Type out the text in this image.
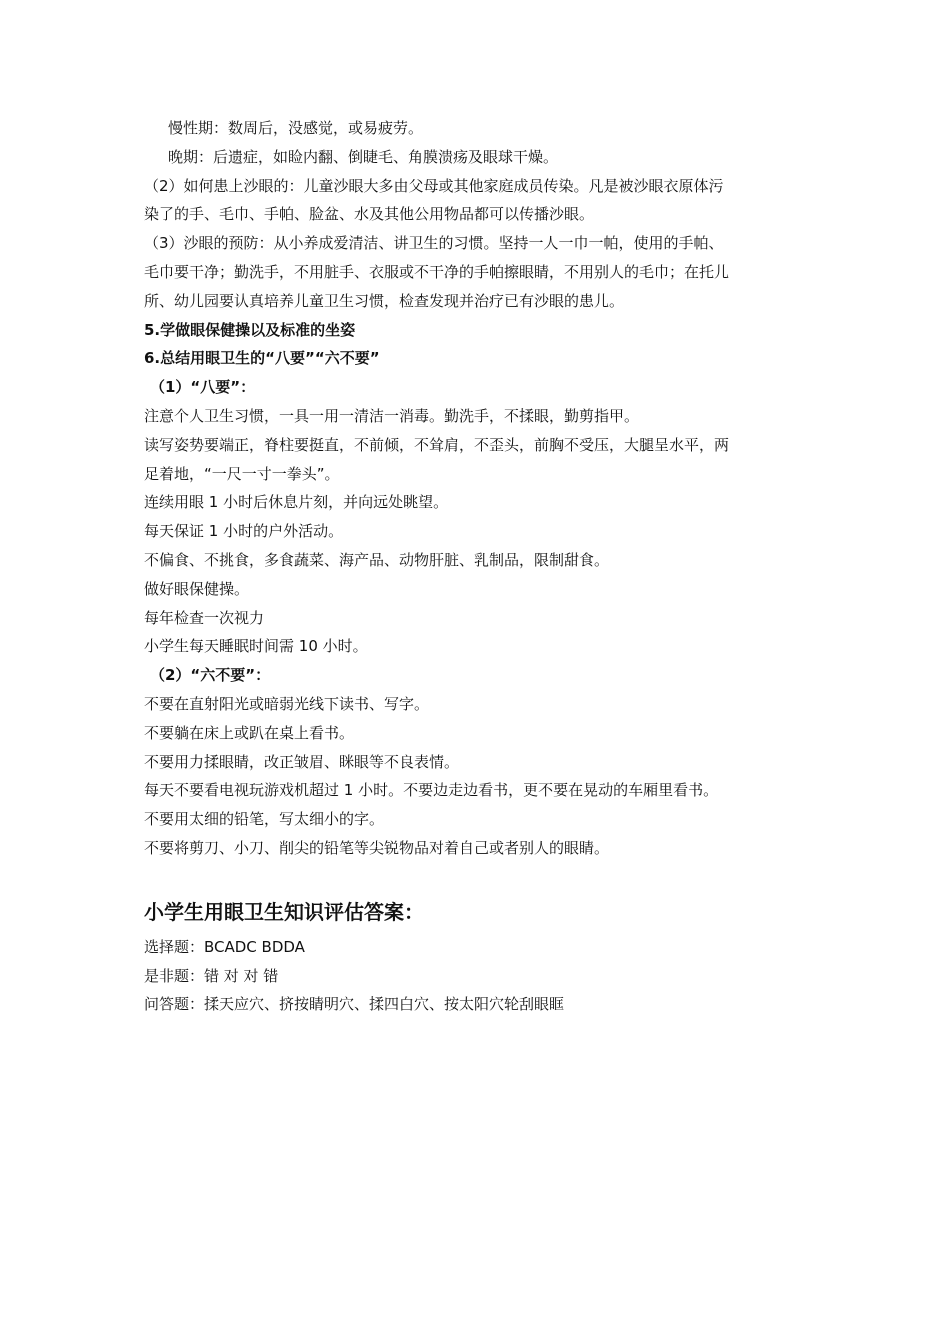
慢性期：数周后，没感觉，或易疲劳。
晚期：后遗症，如睑内翻、倒睫毛、角膜溃疡及眼球干燥。
（2）如何患上沙眼的：儿童沙眼大多由父母或其他家庭成员传染。凡是被沙眼衣原体污
染了的手、毛巾、手帕、脸盆、水及其他公用物品都可以传播沙眼。
（3）沙眼的预防：从小养成爱清洁、讲卫生的习惯。坚持一人一巾一帕，使用的手帕、
毛巾要干净；勤洗手，不用脏手、衣服或不干净的手帕擦眼睛，不用别人的毛巾；在托儿
所、幼儿园要认真培养儿童卫生习惯，检查发现并治疗已有沙眼的患儿。
5.学做眼保健操以及标准的坐姿
6.总结用眼卫生的“八要”“六不要”
（1）“八要”：
注意个人卫生习惯，一具一用一清洁一消毒。勤洗手，不揉眼，勤剪指甲。
读写姿势要端正，脊柱要挺直，不前倾，不耸肩，不歪头，前胸不受压，大腿呈水平，两
足着地，“一尺一寸一拳头”。
连续用眼 1 小时后休息片刻，并向远处眺望。
每天保证 1 小时的户外活动。
不偏食、不挑食，多食蔬菜、海产品、动物肝脏、乳制品，限制甜食。
做好眼保健操。
每年检查一次视力
小学生每天睡眠时间需 10 小时。
（2）“六不要”：
不要在直射阳光或暗弱光线下读书、写字。
不要躺在床上或趴在桌上看书。
不要用力揉眼睛，改正皱眉、眯眼等不良表情。
每天不要看电视玩游戏机超过 1 小时。不要边走边看书，更不要在晃动的车厢里看书。
不要用太细的铅笔，写太细小的字。
不要将剪刀、小刀、削尖的铅笔等尖锐物品对着自己或者别人的眼睛。
小学生用眼卫生知识评估答案：
选择题：BCADC BDDA
是非题：错 对 对 错
问答题：揉天应穴、挤按睛明穴、揉四白穴、按太阳穴轮刮眼眶
